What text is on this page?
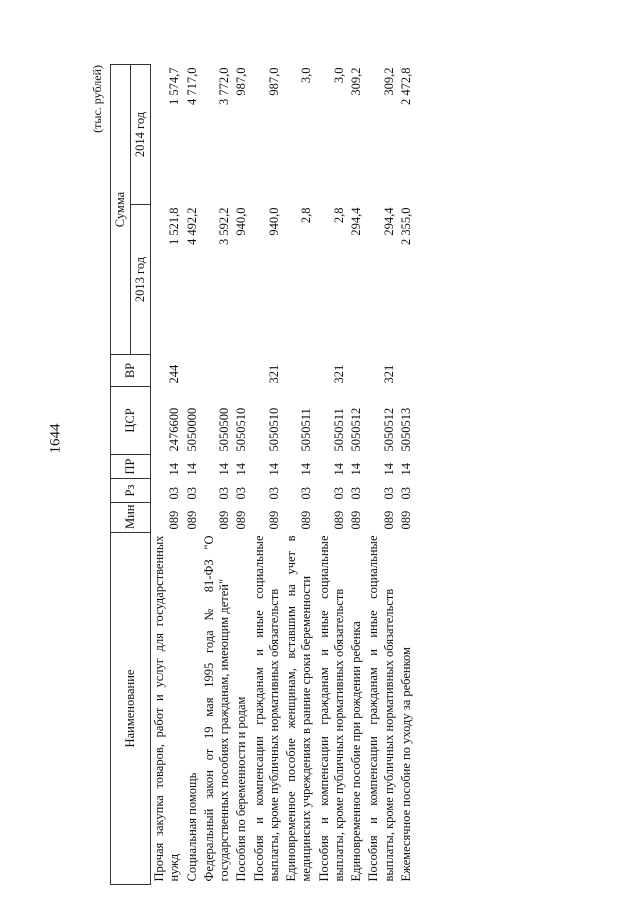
1644
(тыс. рублей)
Наименование	Мин	Рз	ПР	ЦСР	ВР	Сумма	
						2013 год	2014 год
Прочая закупка товаров, работ и услуг для государственных нужд	089	03	14	2476600	244	1 521,8	1 574,7
Социальная помощь	089	03	14	5050000		4 492,2	4 717,0
Федеральный закон от 19 мая 1995 года № 81-ФЗ "О государственных пособиях гражданам, имеющим детей"	089	03	14	5050500		3 592,2	3 772,0
Пособия по беременности и родам	089	03	14	5050510		940,0	987,0
Пособия и компенсации гражданам и иные социальные выплаты, кроме публичных нормативных обязательств	089	03	14	5050510	321	940,0	987,0
Единовременное пособие женщинам, вставшим на учет в медицинских учреждениях в ранние сроки беременности	089	03	14	5050511		2,8	3,0
Пособия и компенсации гражданам и иные социальные выплаты, кроме публичных нормативных обязательств	089	03	14	5050511	321	2,8	3,0
Единовременное пособие при рождении ребенка	089	03	14	5050512		294,4	309,2
Пособия и компенсации гражданам и иные социальные выплаты, кроме публичных нормативных обязательств	089	03	14	5050512	321	294,4	309,2
Ежемесячное пособие по уходу за ребенком	089	03	14	5050513		2 355,0	2 472,8
